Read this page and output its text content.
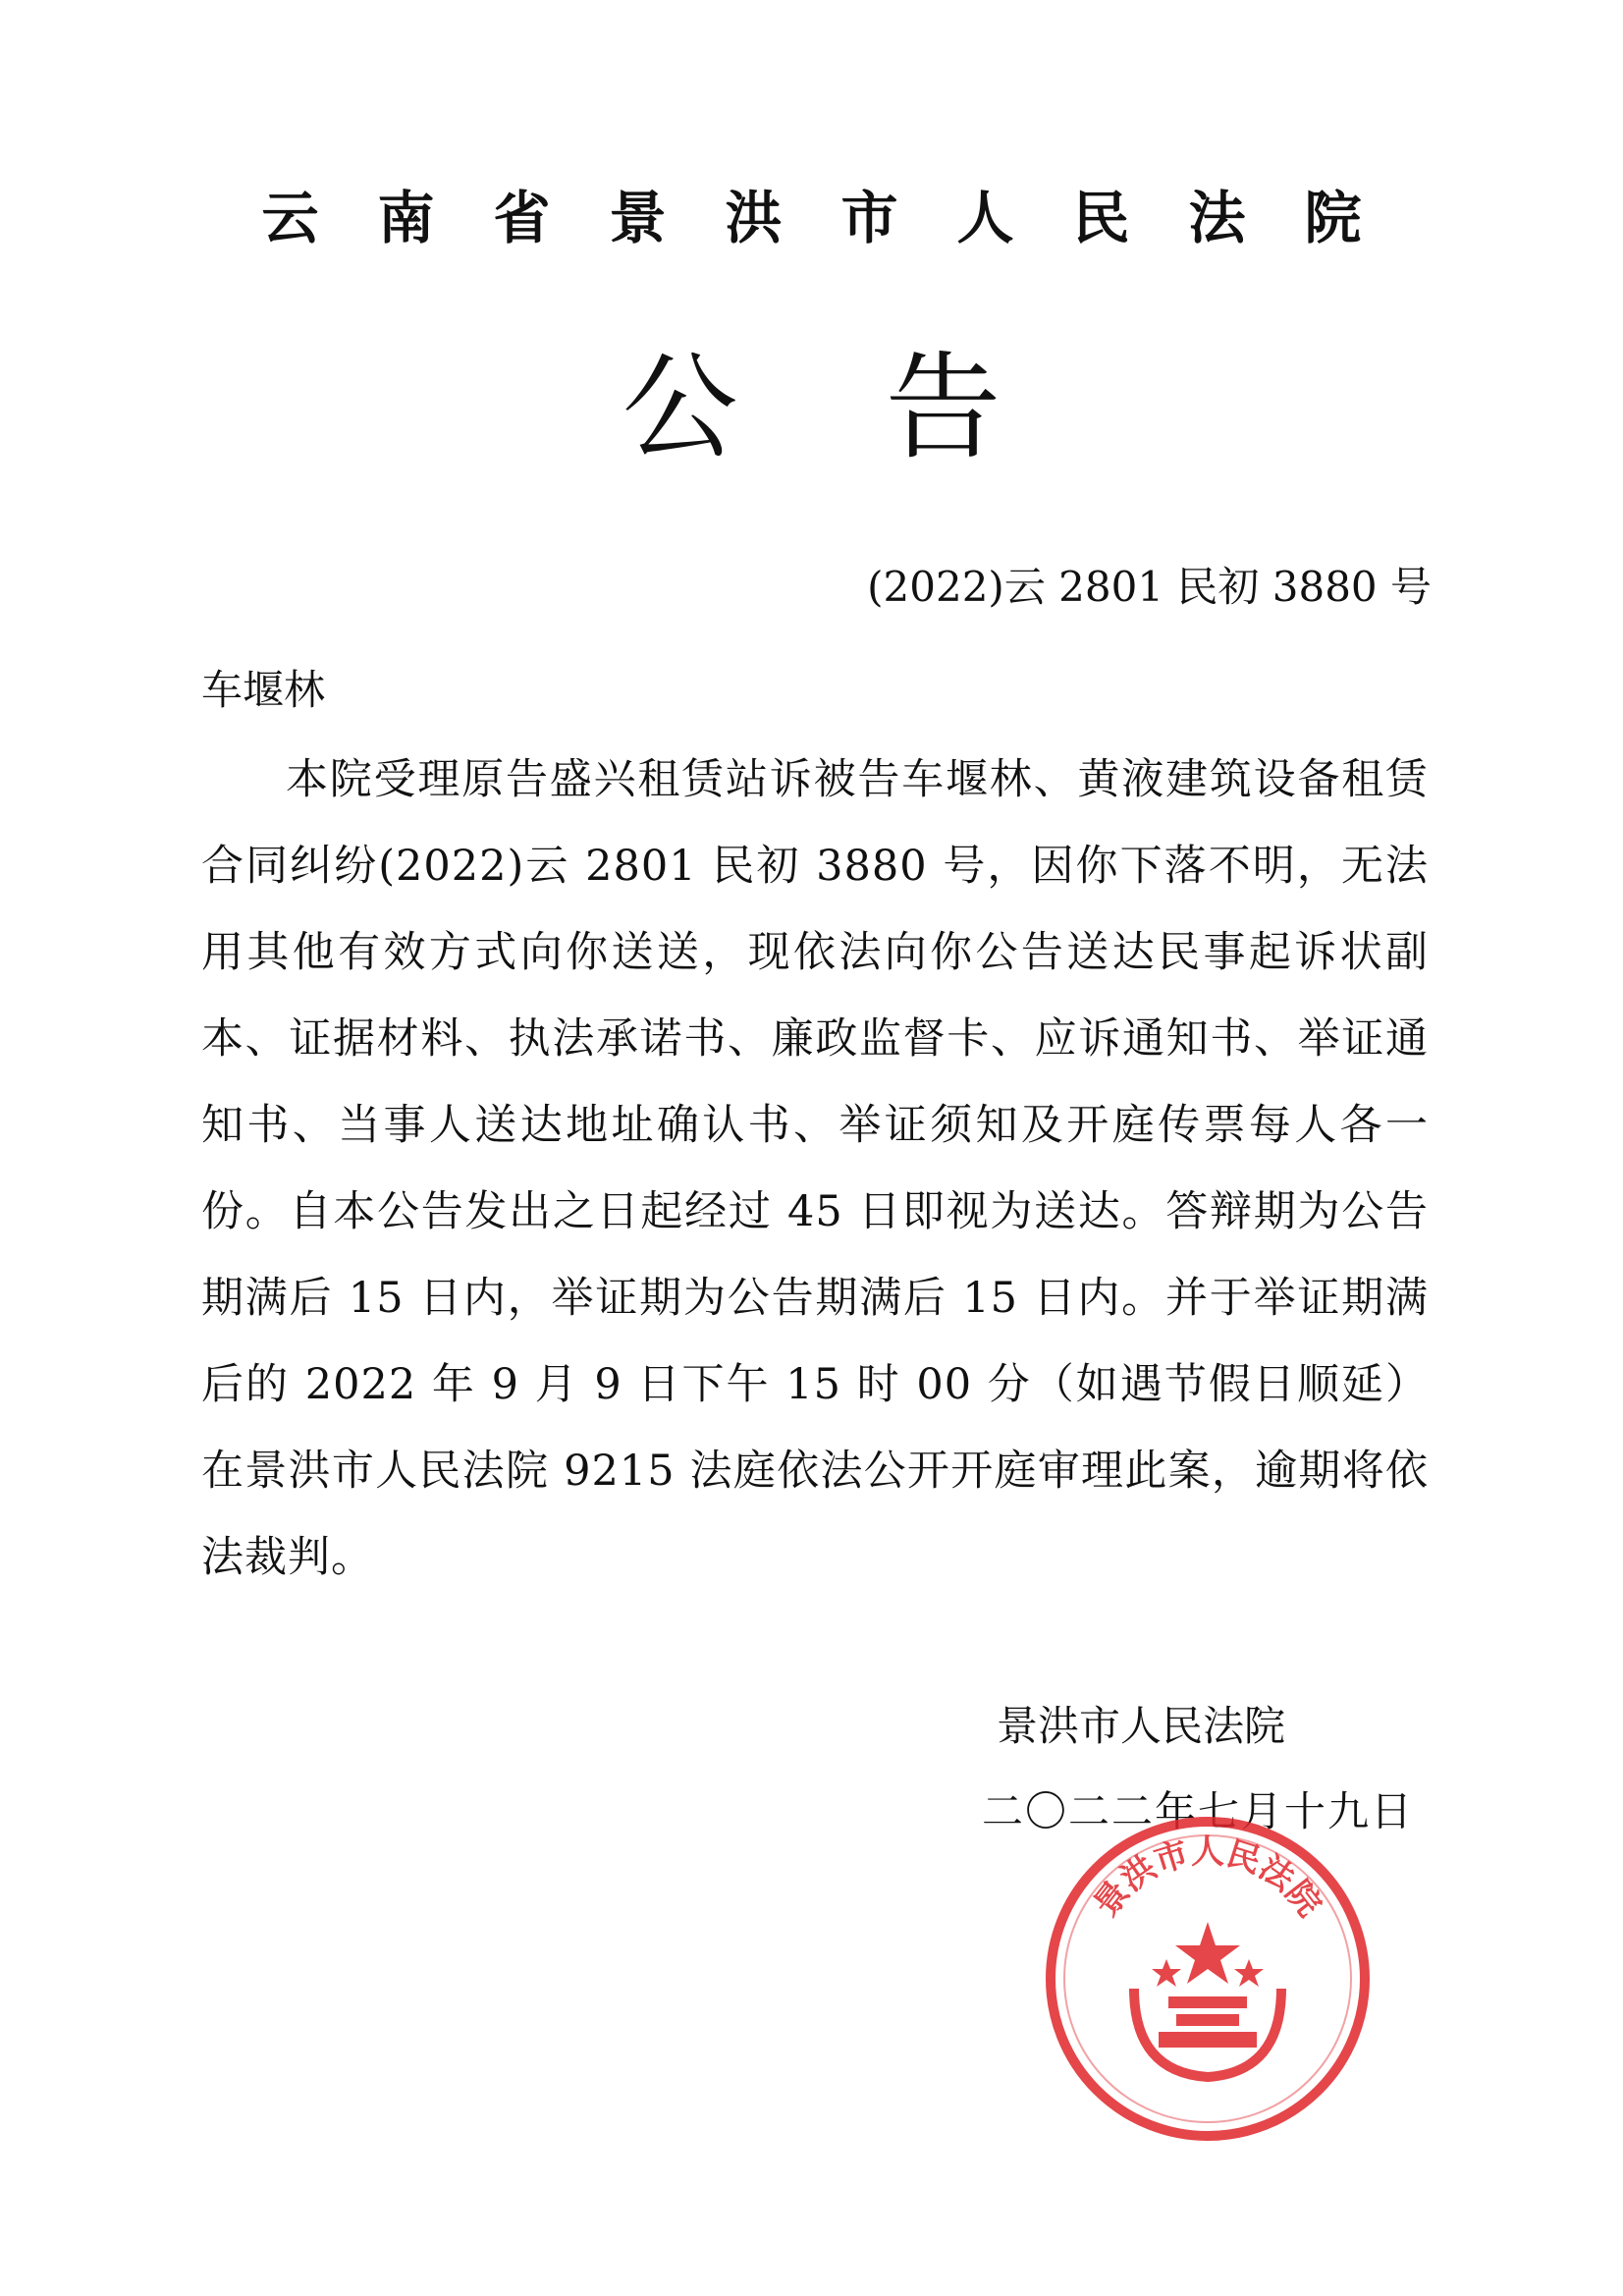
云南省景洪市人民法院
公告
(2022)云 2801 民初 3880 号
车堰林
本院受理原告盛兴租赁站诉被告车堰林、黄液建筑设备租赁合同纠纷(2022)云 2801 民初 3880 号，因你下落不明，无法用其他有效方式向你送送，现依法向你公告送达民事起诉状副本、证据材料、执法承诺书、廉政监督卡、应诉通知书、举证通知书、当事人送达地址确认书、举证须知及开庭传票每人各一份。自本公告发出之日起经过 45 日即视为送达。答辩期为公告期满后 15 日内，举证期为公告期满后 15 日内。并于举证期满后的 2022 年 9 月 9 日下午 15 时 00 分（如遇节假日顺延）在景洪市人民法院 9215 法庭依法公开开庭审理此案，逾期将依法裁判。
景洪市人民法院
二〇二二年七月十九日
景洪市人民法院
